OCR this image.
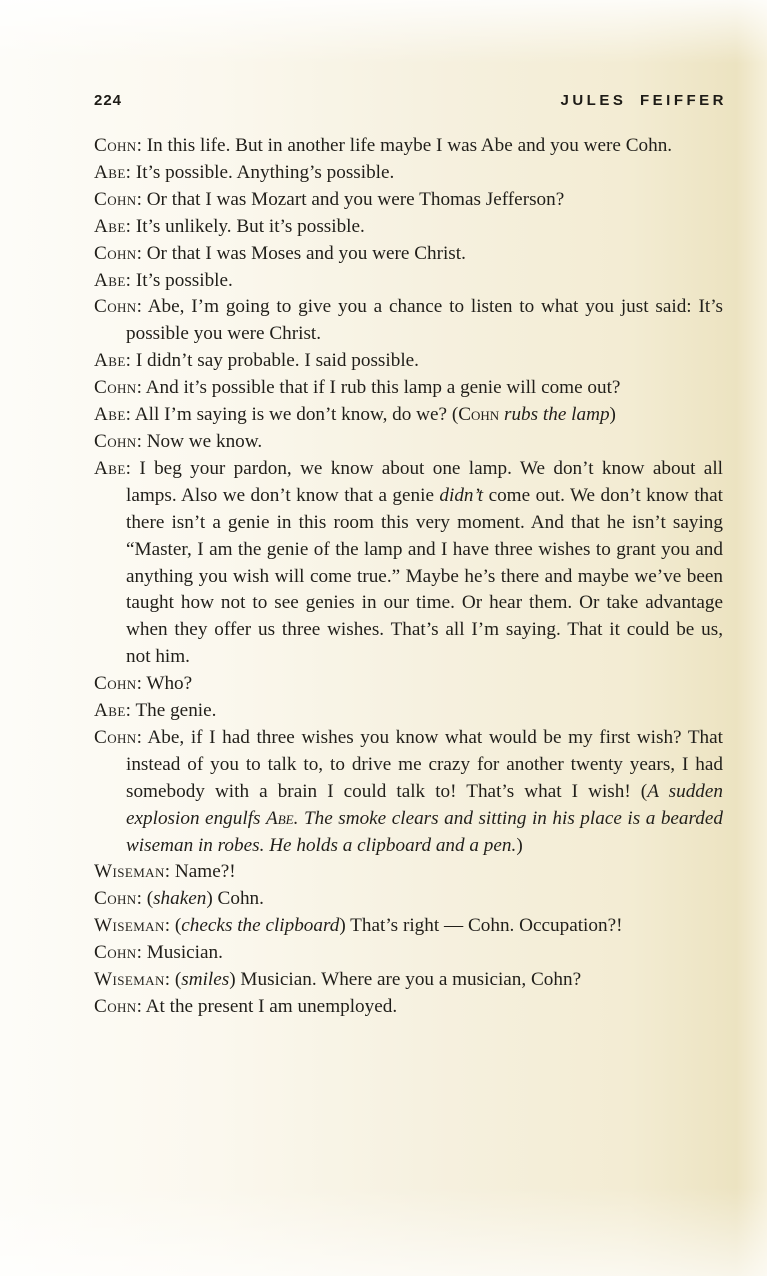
224	JULES FEIFFER

Cohn: In this life. But in another life maybe I was Abe and you were Cohn.

Abe: It’s possible. Anything’s possible.

Cohn: Or that I was Mozart and you were Thomas Jefferson?

Abe: It’s unlikely. But it’s possible.

Cohn: Or that I was Moses and you were Christ.

Abe: It’s possible.

Cohn: Abe, I’m going to give you a chance to listen to what you just said: It’s possible you were Christ.

Abe: I didn’t say probable. I said possible.

Cohn: And it’s possible that if I rub this lamp a genie will come out?

Abe: All I’m saying is we don’t know, do we? (Cohn rubs the lamp)

Cohn: Now we know.

Abe: I beg your pardon, we know about one lamp. We don’t know about all lamps. Also we don’t know that a genie didn’t come out. We don’t know that there isn’t a genie in this room this very moment. And that he isn’t saying “Master, I am the genie of the lamp and I have three wishes to grant you and anything you wish will come true.” Maybe he’s there and maybe we’ve been taught how not to see genies in our time. Or hear them. Or take advantage when they offer us three wishes. That’s all I’m saying. That it could be us, not him.

Cohn: Who?

Abe: The genie.

Cohn: Abe, if I had three wishes you know what would be my first wish? That instead of you to talk to, to drive me crazy for another twenty years, I had somebody with a brain I could talk to! That’s what I wish! (A sudden explosion engulfs Abe. The smoke clears and sitting in his place is a bearded wiseman in robes. He holds a clipboard and a pen.)

Wiseman: Name?!

Cohn: (shaken) Cohn.

Wiseman: (checks the clipboard) That’s right — Cohn. Occupation?!

Cohn: Musician.

Wiseman: (smiles) Musician. Where are you a musician, Cohn?

Cohn: At the present I am unemployed.
